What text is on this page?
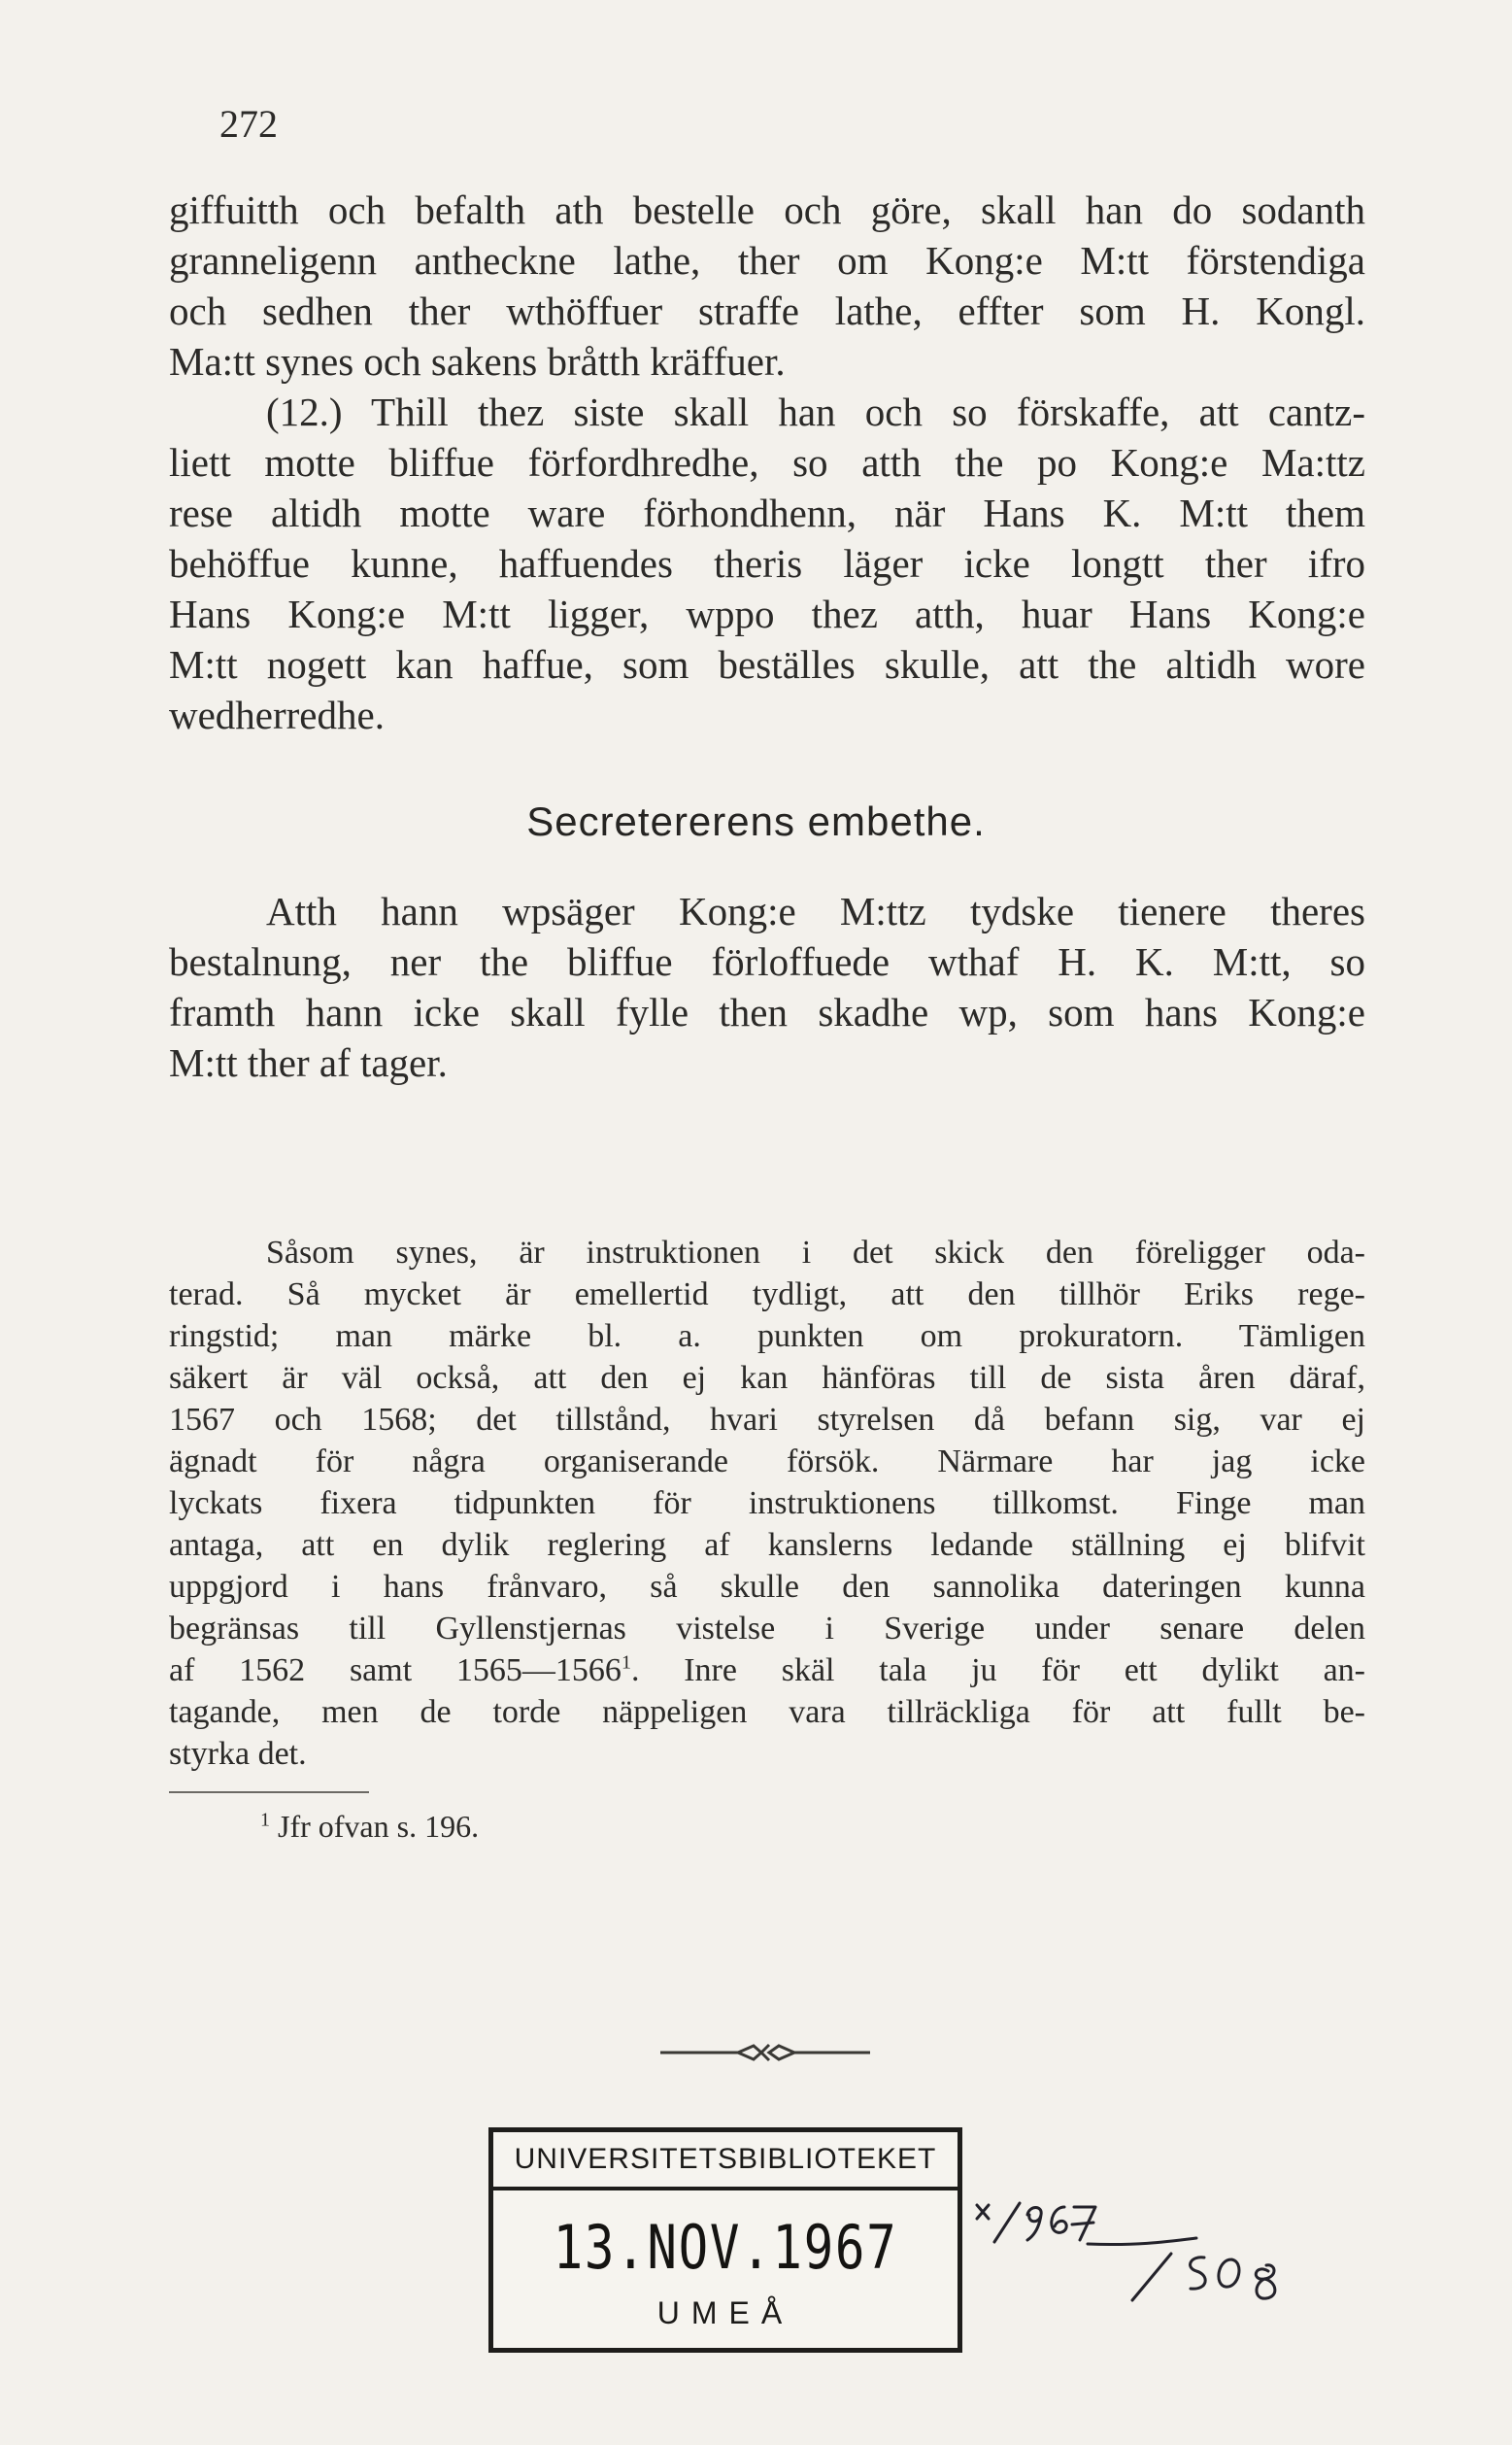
272
giffuitth och befalth ath bestelle och göre, skall han do sodanth
granneligenn antheckne lathe, ther om Kong:e M:tt förstendiga
och sedhen ther wthöffuer straffe lathe, effter som H. Kongl.
Ma:tt synes och sakens bråtth kräffuer.
(12.) Thill thez siste skall han och so förskaffe, att cantz-
liett motte bliffue förfordhredhe, so atth the po Kong:e Ma:ttz
rese altidh motte ware förhondhenn, när Hans K. M:tt them
behöffue kunne, haffuendes theris läger icke longtt ther ifro
Hans Kong:e M:tt ligger, wppo thez atth, huar Hans Kong:e
M:tt nogett kan haffue, som beställes skulle, att the altidh wore
wedherredhe.
Secretererens embethe.
Atth hann wpsäger Kong:e M:ttz tydske tienere theres
bestalnung, ner the bliffue förloffuede wthaf H. K. M:tt, so
framth hann icke skall fylle then skadhe wp, som hans Kong:e
M:tt ther af tager.
Såsom synes, är instruktionen i det skick den föreligger oda-
terad. Så mycket är emellertid tydligt, att den tillhör Eriks rege-
ringstid; man märke bl. a. punkten om prokuratorn. Tämligen
säkert är väl också, att den ej kan hänföras till de sista åren däraf,
1567 och 1568; det tillstånd, hvari styrelsen då befann sig, var ej
ägnadt för några organiserande försök. Närmare har jag icke
lyckats fixera tidpunkten för instruktionens tillkomst. Finge man
antaga, att en dylik reglering af kanslerns ledande ställning ej blifvit
uppgjord i hans frånvaro, så skulle den sannolika dateringen kunna
begränsas till Gyllenstjernas vistelse i Sverige under senare delen
af 1562 samt 1565—1566$^1$. Inre skäl tala ju för ett dylikt an-
tagande, men de torde näppeligen vara tillräckliga för att fullt be-
styrka det.
$^1$ Jfr ofvan s. 196.
UNIVERSITETSBIBLIOTEKET
13.NOV.1967
UMEÅ
